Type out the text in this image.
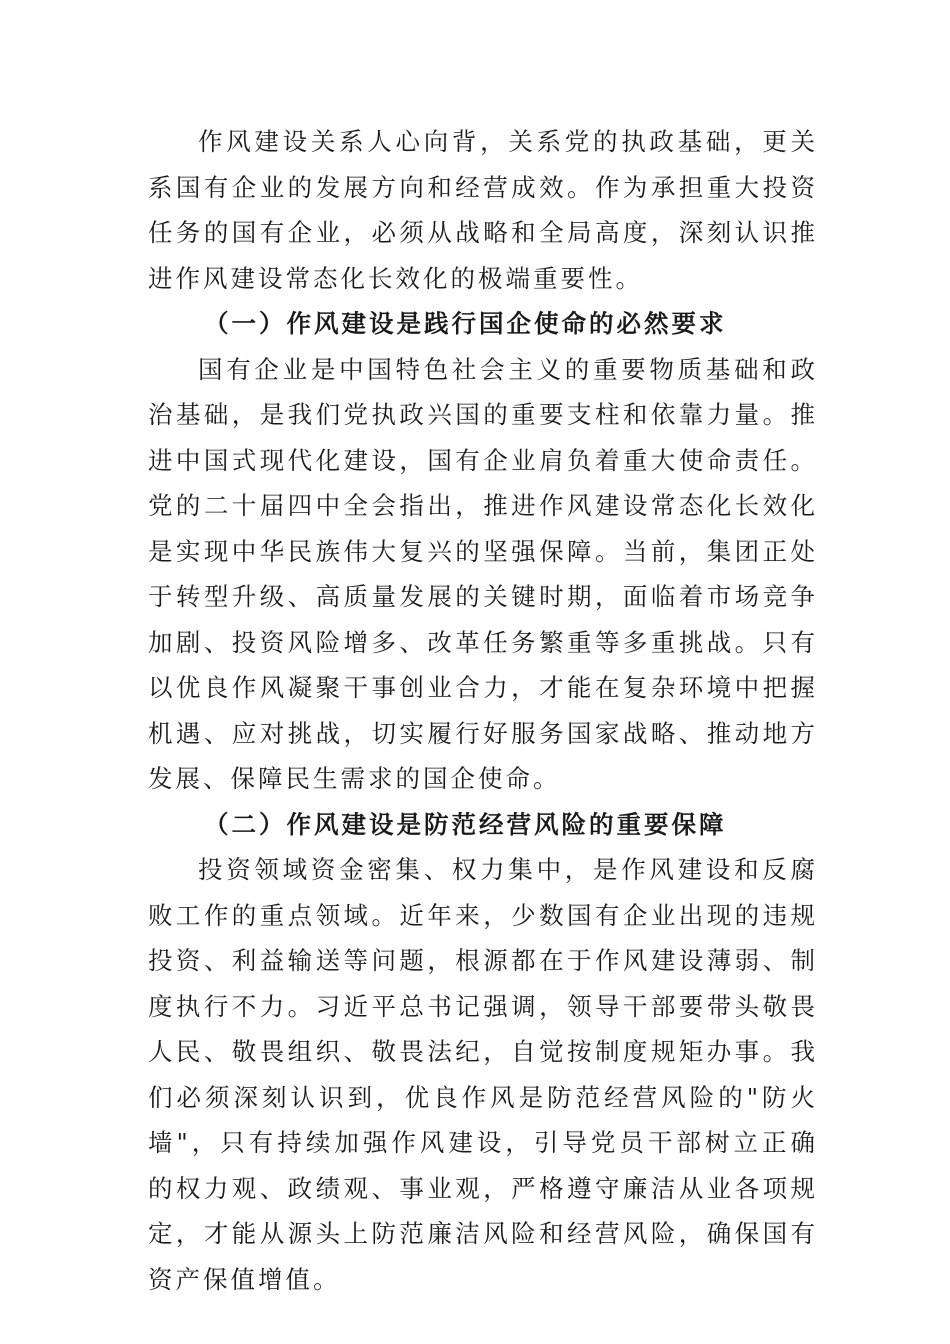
作风建设关系人心向背，关系党的执政基础，更关系国有企业的发展方向和经营成效。作为承担重大投资任务的国有企业，必须从战略和全局高度，深刻认识推进作风建设常态化长效化的极端重要性。

（一）作风建设是践行国企使命的必然要求

国有企业是中国特色社会主义的重要物质基础和政治基础，是我们党执政兴国的重要支柱和依靠力量。推进中国式现代化建设，国有企业肩负着重大使命责任。党的二十届四中全会指出，推进作风建设常态化长效化是实现中华民族伟大复兴的坚强保障。当前，集团正处于转型升级、高质量发展的关键时期，面临着市场竞争加剧、投资风险增多、改革任务繁重等多重挑战。只有以优良作风凝聚干事创业合力，才能在复杂环境中把握机遇、应对挑战，切实履行好服务国家战略、推动地方发展、保障民生需求的国企使命。

（二）作风建设是防范经营风险的重要保障

投资领域资金密集、权力集中，是作风建设和反腐败工作的重点领域。近年来，少数国有企业出现的违规投资、利益输送等问题，根源都在于作风建设薄弱、制度执行不力。习近平总书记强调，领导干部要带头敬畏人民、敬畏组织、敬畏法纪，自觉按制度规矩办事。我们必须深刻认识到，优良作风是防范经营风险的"防火墙"，只有持续加强作风建设，引导党员干部树立正确的权力观、政绩观、事业观，严格遵守廉洁从业各项规定，才能从源头上防范廉洁风险和经营风险，确保国有资产保值增值。
